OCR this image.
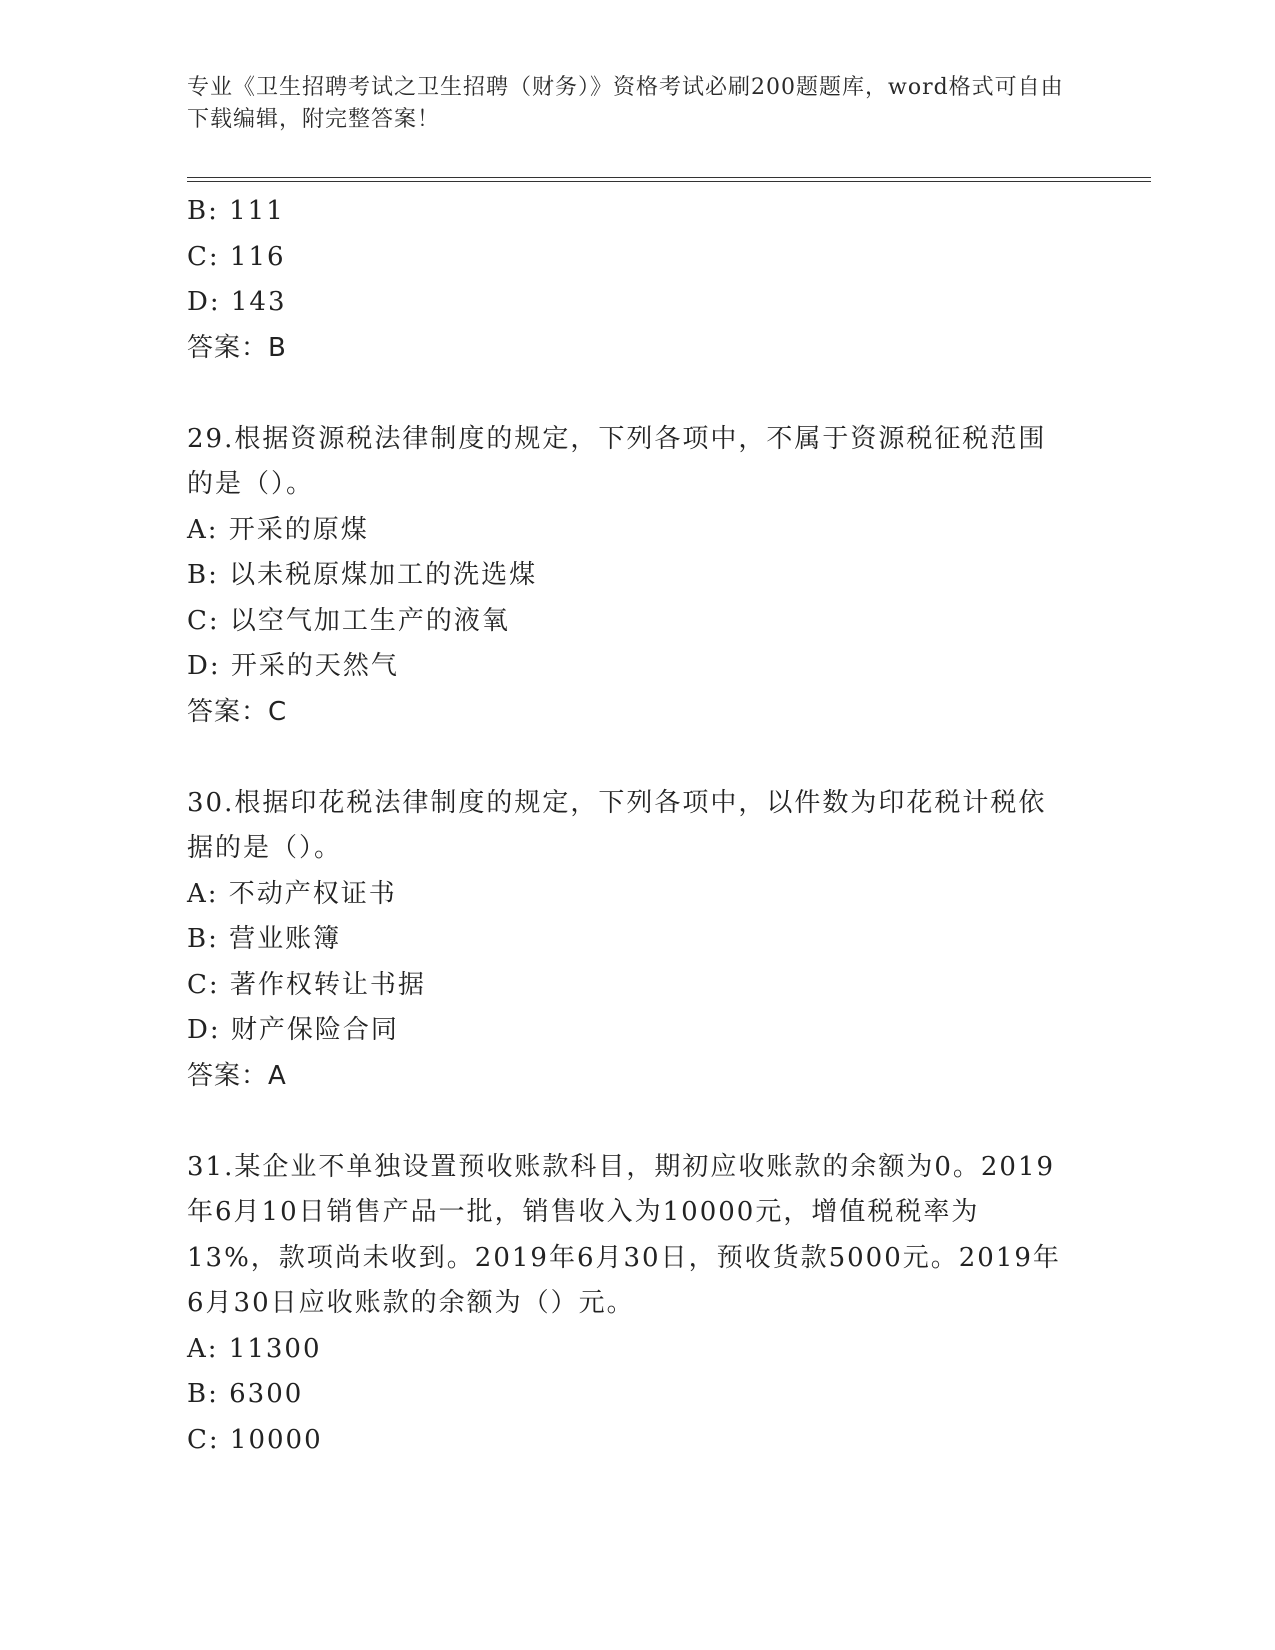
专业《卫生招聘考试之卫生招聘（财务）》资格考试必刷200题题库，word格式可自由下载编辑，附完整答案！
B: 111
C: 116
D: 143
答案：B
29.根据资源税法律制度的规定，下列各项中，不属于资源税征税范围的是（）。
A: 开采的原煤
B: 以未税原煤加工的洗选煤
C: 以空气加工生产的液氧
D: 开采的天然气
答案：C
30.根据印花税法律制度的规定，下列各项中，以件数为印花税计税依据的是（）。
A: 不动产权证书
B: 营业账簿
C: 著作权转让书据
D: 财产保险合同
答案：A
31.某企业不单独设置预收账款科目，期初应收账款的余额为0。2019年6月10日销售产品一批，销售收入为10000元，增值税税率为13%，款项尚未收到。2019年6月30日，预收货款5000元。2019年6月30日应收账款的余额为（）元。
A: 11300
B: 6300
C: 10000
